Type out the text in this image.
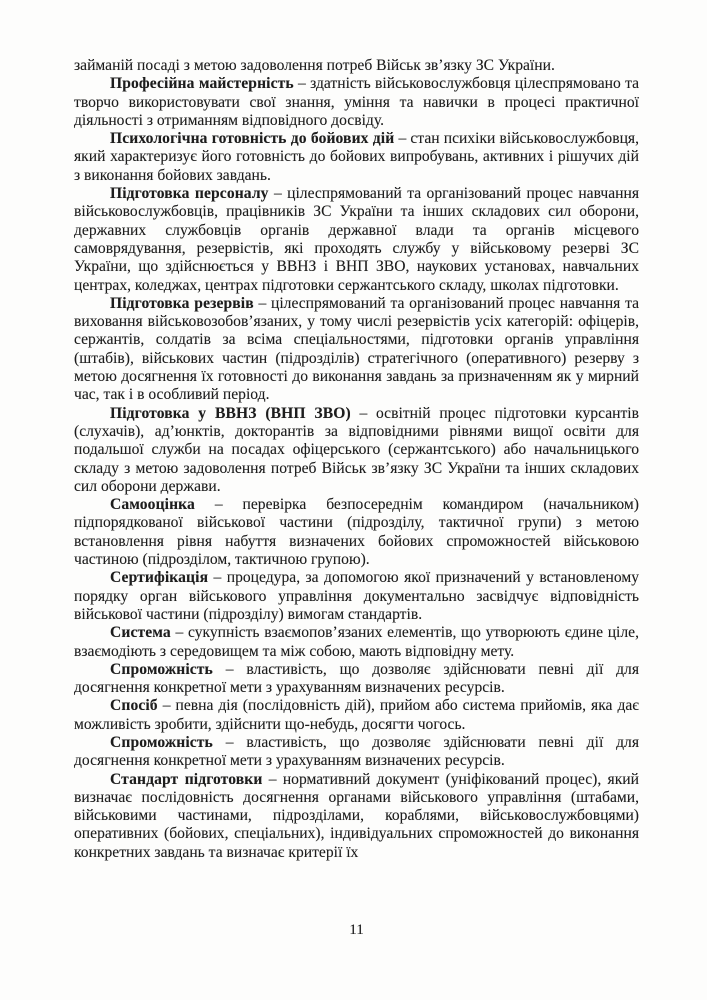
займаній посаді з метою задоволення потреб Військ зв’язку ЗС України.

Професійна майстерність – здатність військовослужбовця цілеспрямовано та творчо використовувати свої знання, уміння та навички в процесі практичної діяльності з отриманням відповідного досвіду.

Психологічна готовність до бойових дій – стан психіки військовослужбовця, який характеризує його готовність до бойових випробувань, активних і рішучих дій з виконання бойових завдань.

Підготовка персоналу – цілеспрямований та організований процес навчання військовослужбовців, працівників ЗС України та інших складових сил оборони, державних службовців органів державної влади та органів місцевого самоврядування, резервістів, які проходять службу у військовому резерві ЗС України, що здійснюється у ВВНЗ і ВНП ЗВО, наукових установах, навчальних центрах, коледжах, центрах підготовки сержантського складу, школах підготовки.

Підготовка резервів – цілеспрямований та організований процес навчання та виховання військовозобов’язаних, у тому числі резервістів усіх категорій: офіцерів, сержантів, солдатів за всіма спеціальностями, підготовки органів управління (штабів), військових частин (підрозділів) стратегічного (оперативного) резерву з метою досягнення їх готовності до виконання завдань за призначенням як у мирний час, так і в особливий період.

Підготовка у ВВНЗ (ВНП ЗВО) – освітній процес підготовки курсантів (слухачів), ад’юнктів, докторантів за відповідними рівнями вищої освіти для подальшої служби на посадах офіцерського (сержантського) або начальницького складу з метою задоволення потреб Військ зв’язку ЗС України та інших складових сил оборони держави.

Самооцінка – перевірка безпосереднім командиром (начальником) підпорядкованої військової частини (підрозділу, тактичної групи) з метою встановлення рівня набуття визначених бойових спроможностей військовою частиною (підрозділом, тактичною групою).

Сертифікація – процедура, за допомогою якої призначений у встановленому порядку орган військового управління документально засвідчує відповідність військової частини (підрозділу) вимогам стандартів.

Система – сукупність взаємопов’язаних елементів, що утворюють єдине ціле, взаємодіють з середовищем та між собою, мають відповідну мету.

Спроможність – властивість, що дозволяє здійснювати певні дії для досягнення конкретної мети з урахуванням визначених ресурсів.

Спосіб – певна дія (послідовність дій), прийом або система прийомів, яка дає можливість зробити, здійснити що-небудь, досягти чогось.

Спроможність – властивість, що дозволяє здійснювати певні дії для досягнення конкретної мети з урахуванням визначених ресурсів.

Стандарт підготовки – нормативний документ (уніфікований процес), який визначає послідовність досягнення органами військового управління (штабами, військовими частинами, підрозділами, кораблями, військовослужбовцями) оперативних (бойових, спеціальних), індивідуальних спроможностей до виконання конкретних завдань та визначає критерії їх

11
